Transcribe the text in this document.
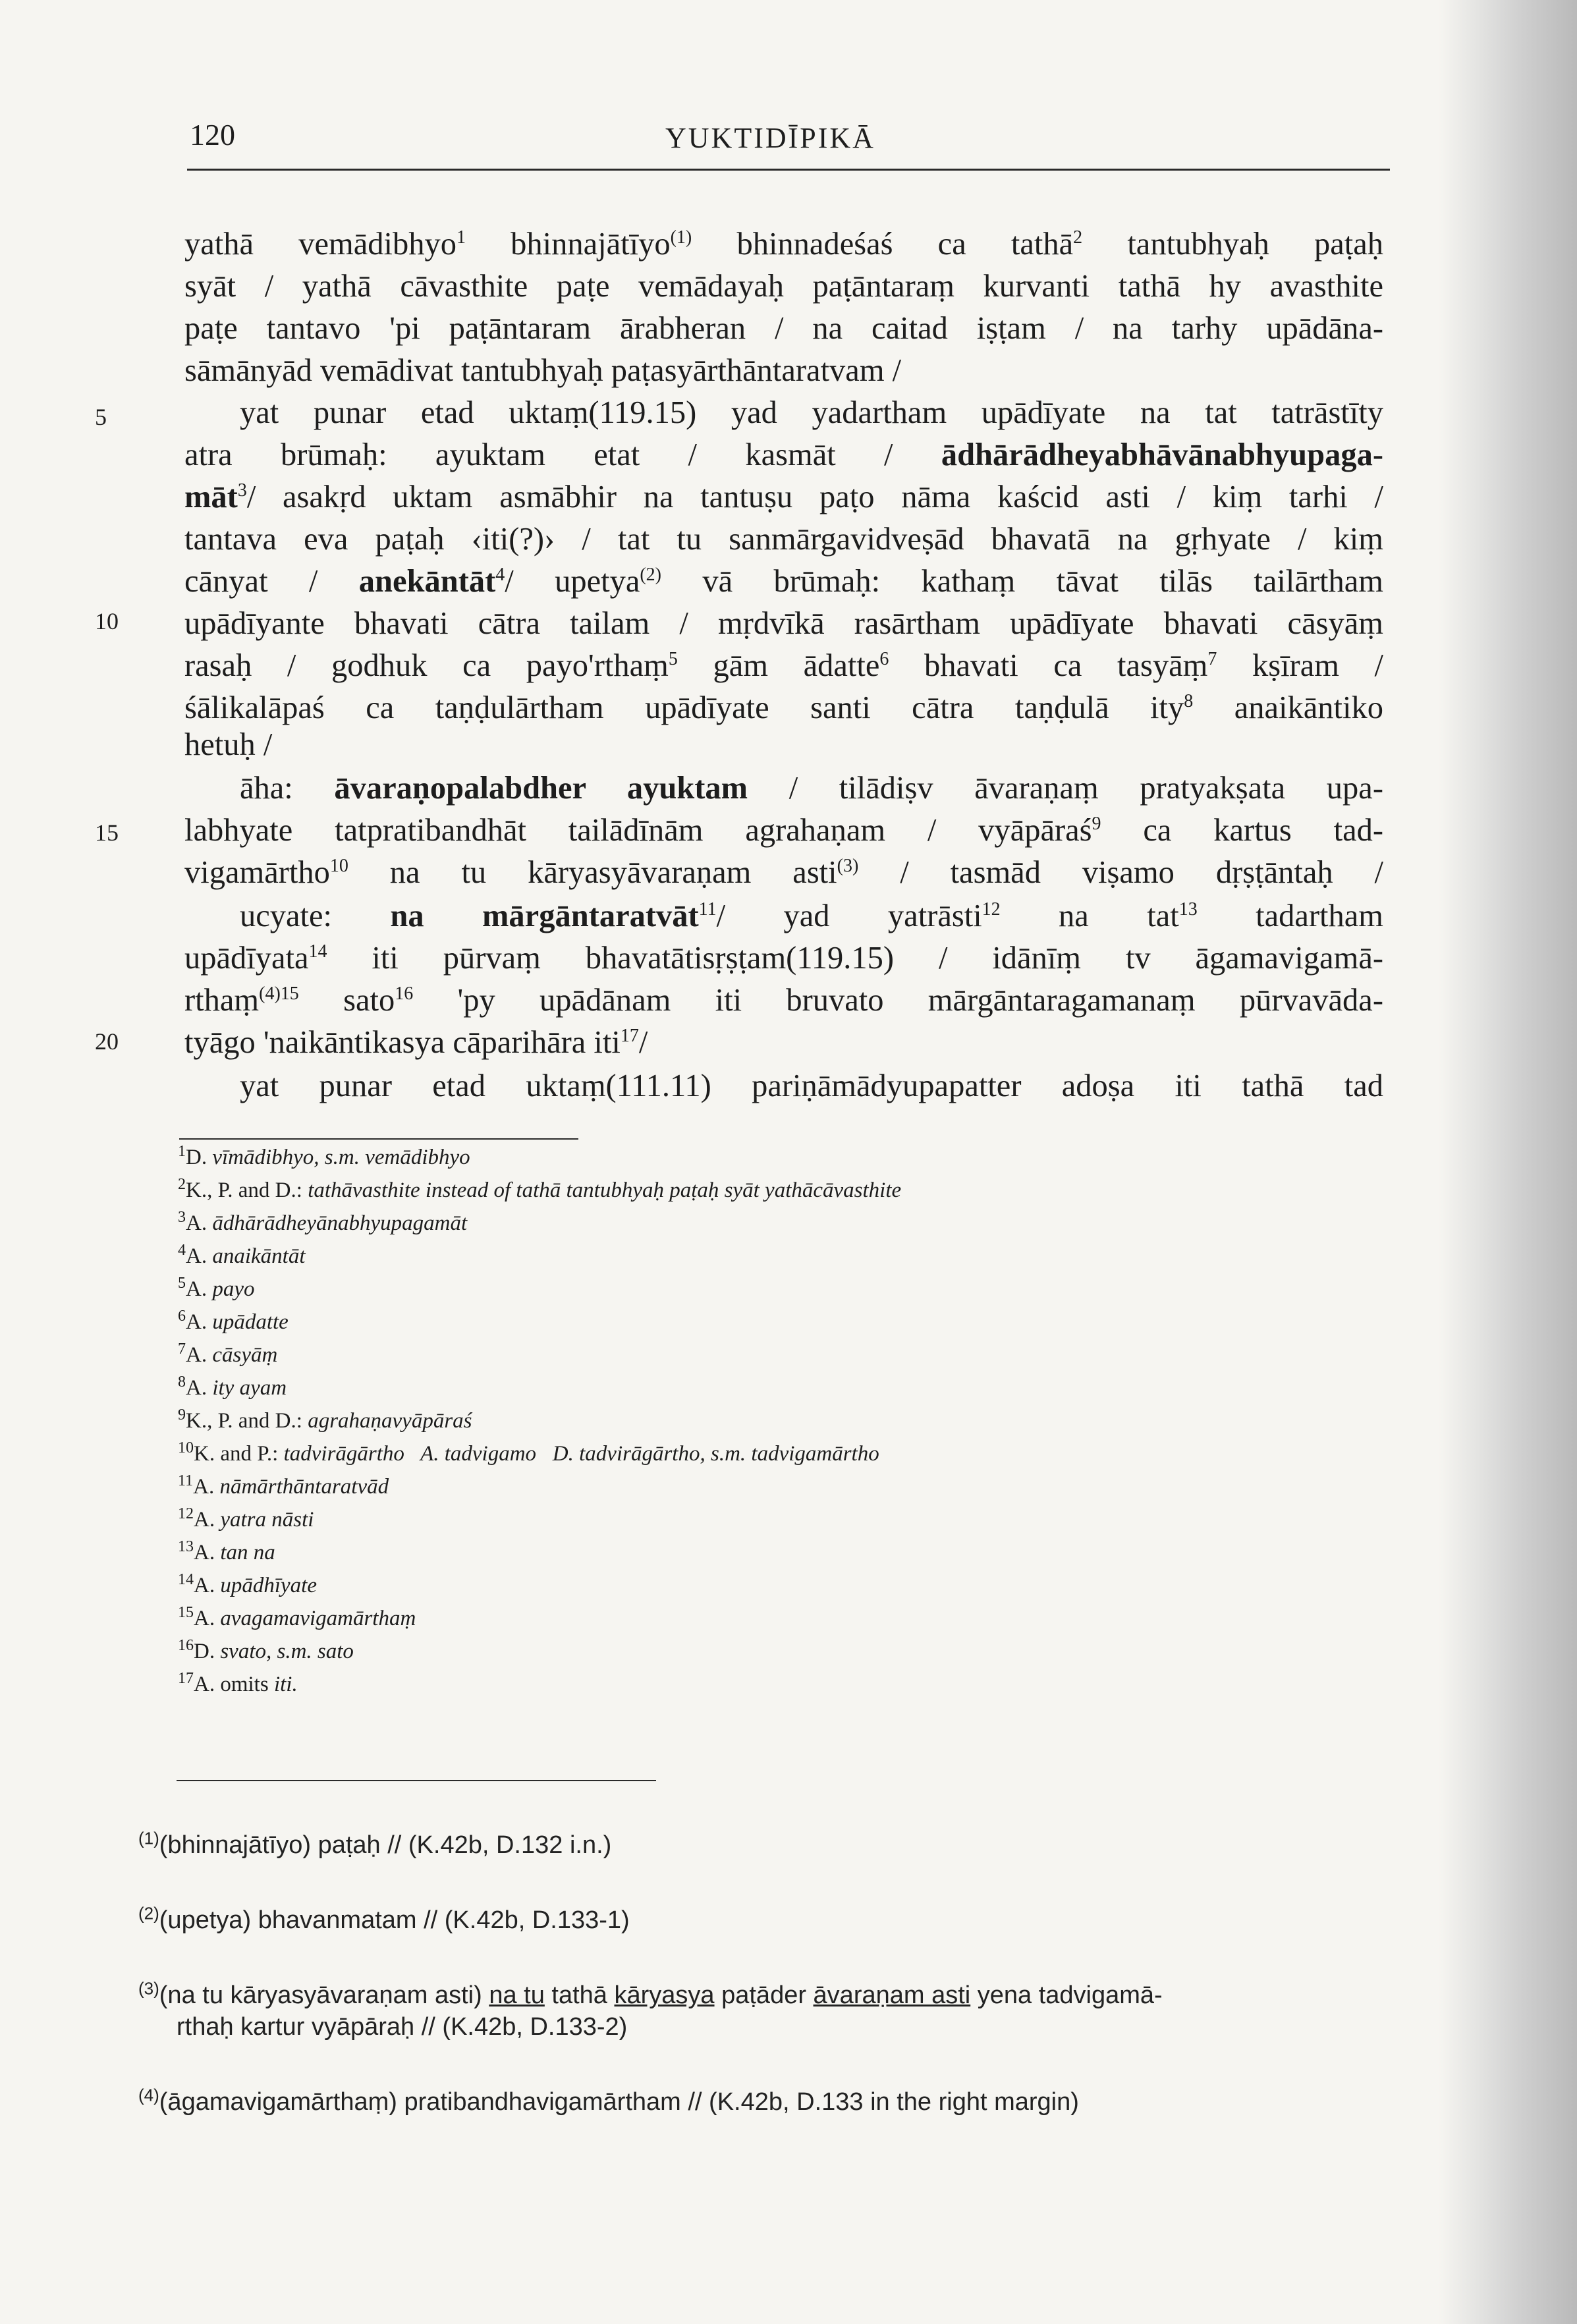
120	YUKTIDĪPIKĀ
5
10
15
20
yathā vemādibhyo$^1$ bhinnajātīyo$^{(1)}$ bhinnadeśaś ca tathā$^2$ tantubhyaḥ paṭaḥ
syāt / yathā cāvasthite paṭe vemādayaḥ paṭāntaraṃ kurvanti tathā hy avasthite
paṭe tantavo 'pi paṭāntaram ārabheran / na caitad iṣṭam / na tarhy upādāna-
sāmānyād vemādivat tantubhyaḥ paṭasyārthāntaratvam /
yat punar etad uktaṃ(119.15) yad yadartham upādīyate na tat tatrāstīty
atra brūmaḥ: ayuktam etat / kasmāt / ādhārādheyabhāvānabhyupaga-
māt$^3$/ asakṛd uktam asmābhir na tantuṣu paṭo nāma kaścid asti / kiṃ tarhi /
tantava eva paṭaḥ ‹iti(?)› / tat tu sanmārgavidveṣād bhavatā na gṛhyate / kiṃ
cānyat / anekāntāt$^4$/ upetya$^{(2)}$ vā brūmaḥ: kathaṃ tāvat tilās tailārtham
upādīyante bhavati cātra tailam / mṛdvīkā rasārtham upādīyate bhavati cāsyāṃ
rasaḥ / godhuk ca payo'rthaṃ$^5$ gām ādatte$^6$ bhavati ca tasyāṃ$^7$ kṣīram /
śālikalāpaś ca taṇḍulārtham upādīyate santi cātra taṇḍulā ity$^8$ anaikāntiko
hetuḥ /
āha: āvaraṇopalabdher ayuktam / tilādiṣv āvaraṇaṃ pratyakṣata upa-
labhyate tatpratibandhāt tailādīnām agrahaṇam / vyāpāraś$^9$ ca kartus tad-
vigamārtho$^{10}$ na tu kāryasyāvaraṇam asti$^{(3)}$ / tasmād viṣamo dṛṣṭāntaḥ /
ucyate: na mārgāntaratvāt$^{11}$/ yad yatrāsti$^{12}$ na tat$^{13}$ tadartham
upādīyata$^{14}$ iti pūrvaṃ bhavatātisṛṣṭam(119.15) / idānīṃ tv āgamavigamā-
rthaṃ$^{(4)15}$ sato$^{16}$ 'py upādānam iti bruvato mārgāntaragamanaṃ pūrvavāda-
tyāgo 'naikāntikasya cāparihāra iti$^{17}$/
yat punar etad uktaṃ(111.11) pariṇāmādyupapatter adoṣa iti tathā tad
$^1$D. vīmādibhyo, s.m. vemādibhyo
$^2$K., P. and D.: tathāvasthite instead of tathā tantubhyaḥ paṭaḥ syāt yathācāvasthite
$^3$A. ādhārādheyānabhyupagamāt
$^4$A. anaikāntāt
$^5$A. payo
$^6$A. upādatte
$^7$A. cāsyāṃ
$^8$A. ity ayam
$^9$K., P. and D.: agrahaṇavyāpāraś
$^{10}$K. and P.: tadvirāgārtho   A. tadvigamo   D. tadvirāgārtho, s.m. tadvigamārtho
$^{11}$A. nāmārthāntaratvād
$^{12}$A. yatra nāsti
$^{13}$A. tan na
$^{14}$A. upādhīyate
$^{15}$A. avagamavigamārthaṃ
$^{16}$D. svato, s.m. sato
$^{17}$A. omits iti.
$^{(1)}$(bhinnajātīyo) paṭaḥ // (K.42b, D.132 i.n.)
$^{(2)}$(upetya) bhavanmatam // (K.42b, D.133-1)
$^{(3)}$(na tu kāryasyāvaraṇam asti) na tu tathā kāryasya paṭāder āvaraṇam asti yena tadvigamā-
rthaḥ kartur vyāpāraḥ // (K.42b, D.133-2)
$^{(4)}$(āgamavigamārthaṃ) pratibandhavigamārtham // (K.42b, D.133 in the right margin)
